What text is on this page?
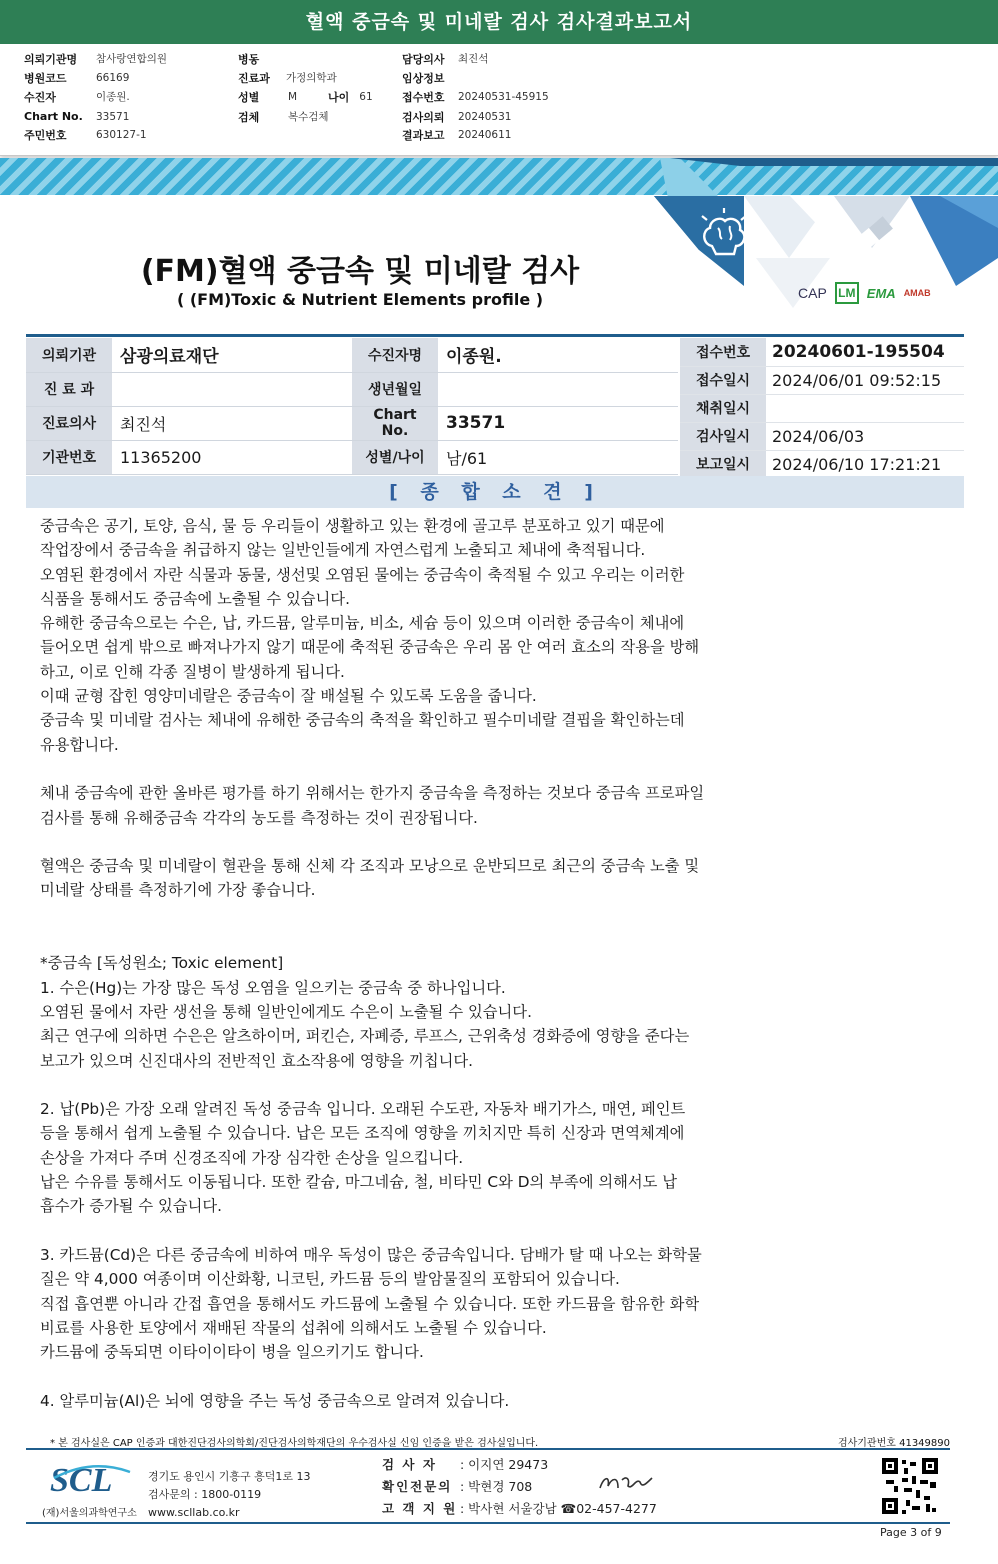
혈액 중금속 및 미네랄 검사 검사결과보고서
의뢰기관명	참사랑연합의원
병원코드	66169
수진자	이종원.
Chart No.	33571
주민번호	630127-1
병동
진료과	가정의학과
성별	M	나이 61
검체	복수검체
담당의사	최진석
임상정보
접수번호	20240531-45915
검사의뢰	20240531
결과보고	20240611
(FM)혈액 중금속 및 미네랄 검사
( (FM)Toxic & Nutrient Elements profile )	CAP LM EMA AMAB
의뢰기관	삼광의료재단	수진자명	이종원.
진 료 과		생년월일	
진료의사	최진석	Chart No.	33571
기관번호	11365200	성별/나이	남/61
접수번호	20240601-195504
접수일시	2024/06/01 09:52:15
채취일시	
검사일시	2024/06/03
보고일시	2024/06/10 17:21:21
[ 종 합 소 견 ]

중금속은 공기, 토양, 음식, 물 등 우리들이 생활하고 있는 환경에 골고루 분포하고 있기 때문에

작업장에서 중금속을 취급하지 않는 일반인들에게 자연스럽게 노출되고 체내에 축적됩니다.

오염된 환경에서 자란 식물과 동물, 생선및 오염된 물에는 중금속이 축적될 수 있고 우리는 이러한

식품을 통해서도 중금속에 노출될 수 있습니다.

유해한 중금속으로는 수은, 납, 카드뮴, 알루미늄, 비소, 세슘 등이 있으며 이러한 중금속이 체내에

들어오면 쉽게 밖으로 빠져나가지 않기 때문에 축적된 중금속은 우리 몸 안 여러 효소의 작용을 방해

하고, 이로 인해 각종 질병이 발생하게 됩니다.

이때 균형 잡힌 영양미네랄은 중금속이 잘 배설될 수 있도록 도움을 줍니다.

중금속 및 미네랄 검사는 체내에 유해한 중금속의 축적을 확인하고 필수미네랄 결핍을 확인하는데

유용합니다.

체내 중금속에 관한 올바른 평가를 하기 위해서는 한가지 중금속을 측정하는 것보다 중금속 프로파일

검사를 통해 유해중금속 각각의 농도를 측정하는 것이 권장됩니다.

혈액은 중금속 및 미네랄이 혈관을 통해 신체 각 조직과 모낭으로 운반되므로 최근의 중금속 노출 및

미네랄 상태를 측정하기에 가장 좋습니다.

*중금속 [독성원소; Toxic element]

1. 수은(Hg)는 가장 많은 독성 오염을 일으키는 중금속 중 하나입니다.

오염된 물에서 자란 생선을 통해 일반인에게도 수은이 노출될 수 있습니다.

최근 연구에 의하면 수은은 알츠하이머, 퍼킨슨, 자폐증, 루프스, 근위축성 경화증에 영향을 준다는

보고가 있으며 신진대사의 전반적인 효소작용에 영향을 끼칩니다.

2. 납(Pb)은 가장 오래 알려진 독성 중금속 입니다. 오래된 수도관, 자동차 배기가스, 매연, 페인트

등을 통해서 쉽게 노출될 수 있습니다. 납은 모든 조직에 영향을 끼치지만 특히 신장과 면역체계에

손상을 가져다 주며 신경조직에 가장 심각한 손상을 일으킵니다.

납은 수유를 통해서도 이동됩니다. 또한 칼슘, 마그네슘, 철, 비타민 C와 D의 부족에 의해서도 납

흡수가 증가될 수 있습니다.

3. 카드뮴(Cd)은 다른 중금속에 비하여 매우 독성이 많은 중금속입니다. 담배가 탈 때 나오는 화학물

질은 약 4,000 여종이며 이산화황, 니코틴, 카드뮴 등의 발암물질의 포함되어 있습니다.

직접 흡연뿐 아니라 간접 흡연을 통해서도 카드뮴에 노출될 수 있습니다. 또한 카드뮴을 함유한 화학

비료를 사용한 토양에서 재배된 작물의 섭취에 의해서도 노출될 수 있습니다.

카드뮴에 중독되면 이타이이타이 병을 일으키기도 합니다.

4. 알루미늄(Al)은 뇌에 영향을 주는 독성 중금속으로 알려져 있습니다.

* 본 검사실은 CAP 인증과 대한진단검사의학회/진단검사의학재단의 우수검사실 신임 인증을 받은 검사실입니다.	검사기관번호 41349890
SCL
(재)서울의과학연구소
경기도 용인시 기흥구 흥덕1로 13
검사문의 : 1800-0119
www.scllab.co.kr
검 사 자 : 이지연 29473
확인전문의 : 박현경 708
고 객 지 원 : 박사현 서울강남 ☎02-457-4277
Page 3 of 9
